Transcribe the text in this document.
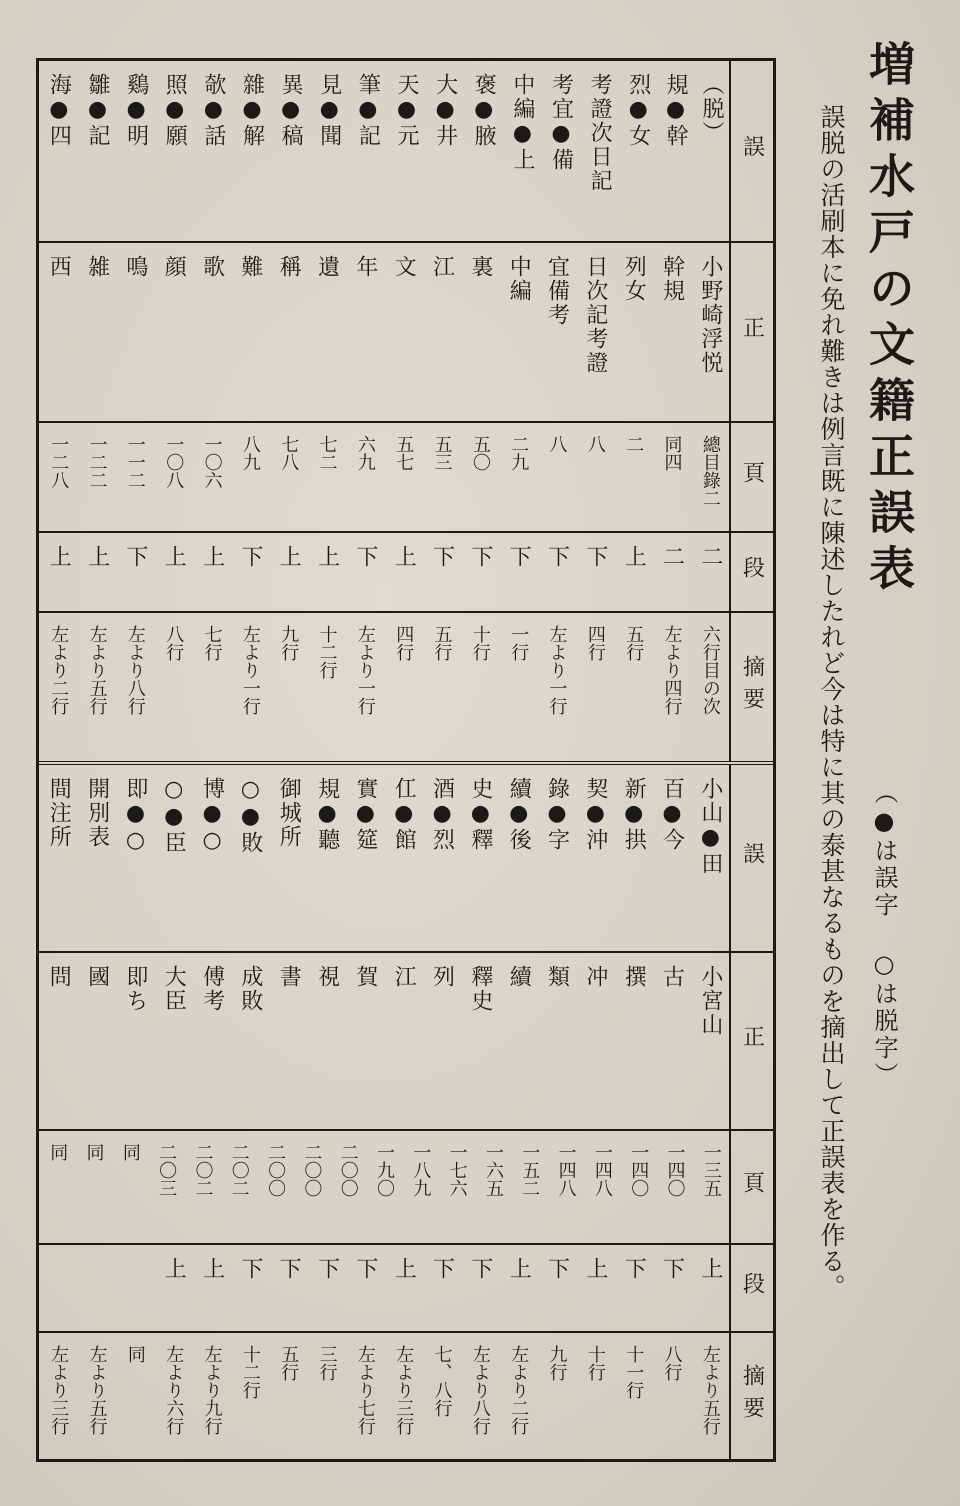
増補水戸の文籍正誤表
誤脱の活刷本に免れ難きは例言既に陳述したれど今は特に其の泰甚なるものを摘出して正誤表を作る。	（●は誤字 ○は脱字）
誤
正
頁
段
摘要
（脱）
規●幹
烈●女
考證次日記
考宜●備
中編●上
褒●腋
大●井
天●元
筆●記
見●聞
異●稿
雜●解
欹●話
照●願
鷄●明
雛●記
海●四
小野崎浮悦
幹規
列女
日次記考證
宜備考
中編
裏
江
文
年
遺
稱
難
歌
顔
鳴
雑
西
總目錄二
同四
二
八
八
二九
五〇
五三
五七
六九
七二
七八
八九
一〇六
一〇八
一一二
一二二
一二八
二
二
上
下
下
下
下
下
上
下
上
上
下
上
上
下
上
上
六行目の次
左より四行
五行
四行
左より一行
一行
十行
五行
四行
左より一行
十二行
九行
左より一行
七行
八行
左より八行
左より五行
左より二行
誤
正
頁
段
摘要
小山●田
百●今
新●拱
契●沖
錄●字
續●後
史●釋
酒●烈
仜●館
實●筵
規●聽
御城所
○●敗
博●○
○●臣
即●○
開別表
間注所
小宮山
古
撰
冲
類
續
釋史
列
江
賀
視
書
成敗
傅考
大臣
即ち
國
問
一三五
一四〇
一四〇
一四八
一四八
一五二
一六五
一七六
一八九
一九〇
二〇〇
二〇〇
二〇〇
二〇二
二〇二
二〇三
同
同
同
上
下
下
上
下
上
下
下
上
下
下
下
下
上
上
左より五行
八行
十一行
十行
九行
左より二行
左より八行
七、八行
左より三行
左より七行
三行
五行
十二行
左より九行
左より六行
同
左より五行
左より三行
